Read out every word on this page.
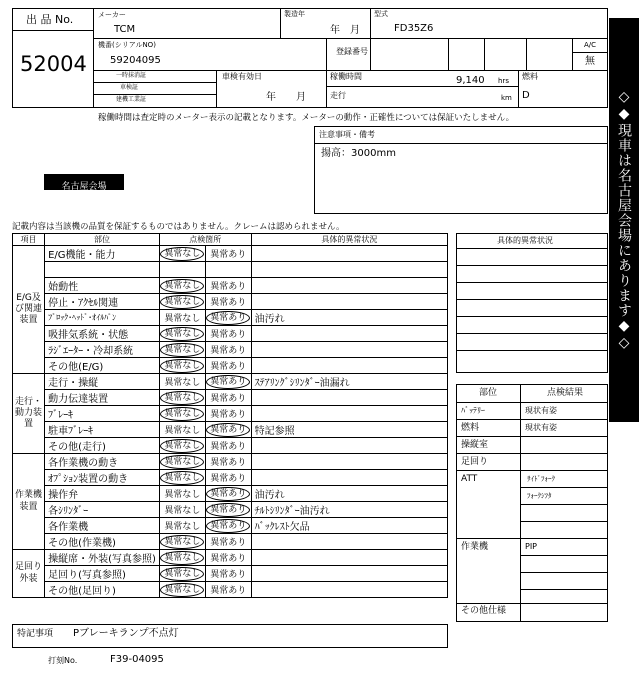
出 品 No.
52004
メーカー
TCM
製造年
年　月
型式
FD35Z6
機番(シリアルNO)
59204095
登録番号
A/C
無
一時抹消証
車検証
建機工業証
車検有効日
年　　月
稼働時間	9,140 hrs
走行	km
燃料
D
稼働時間は査定時のメーター表示の記載となります。メーターの動作・正確性については保証いたしません。
注意事項・備考
揚高：3000mm
名古屋会場
記載内容は当該機の品質を保証するものではありません。クレームは認められません。
項目	部位	点検箇所		具体的異常状況
E/G及び関連装置	E/G機能・能力	異常なし	異常あり	

	始動性	異常なし	異常あり	
	停止・ｱｸｾﾙ関連	異常なし	異常あり	
	ﾌﾞﾛｯｸ･ﾍｯﾄﾞ･ｵｲﾙﾊﾟﾝ	異常なし	異常あり	油汚れ
	吸排気系統・状態	異常なし	異常あり	
	ﾗｼﾞｴｰﾀｰ・冷却系統	異常なし	異常あり	
	その他(E/G)	異常なし	異常あり	
走行・動力装置	走行・操縦	異常なし	異常あり	ｽﾃｱﾘﾝｸﾞｼﾘﾝﾀﾞｰ油漏れ
	動力伝達装置	異常なし	異常あり	
	ﾌﾞﾚｰｷ	異常なし	異常あり	
	駐車ﾌﾞﾚｰｷ	異常なし	異常あり	特記参照
	その他(走行)	異常なし	異常あり	
作業機装置	各作業機の動き	異常なし	異常あり	
	ｵﾌﾟｼｮﾝ装置の動き	異常なし	異常あり	
	操作弁	異常なし	異常あり	油汚れ
	各ｼﾘﾝﾀﾞｰ	異常なし	異常あり	ﾁﾙﾄｼﾘﾝﾀﾞｰ油汚れ
	各作業機	異常なし	異常あり	ﾊﾞｯｸﾚｽﾄ欠品
	その他(作業機)	異常なし	異常あり	
足回り外装	操縦席・外装(写真参照)	異常なし	異常あり	
	足回り(写真参照)	異常なし	異常あり	
	その他(足回り)	異常なし	異常あり	
具体的異常状況
部位	点検結果
ﾊﾞｯﾃﾘｰ	現状有姿
燃料	現状有姿
操縦室
足回り
ATT	ｻｲﾄﾞﾌｫｰｸ
ﾌｫｰｸｼﾌﾀ
作業機	PIP
その他仕様
特記事項 Pブレーキランプ不点灯
打刻No.	F39-04095
◇◆現車は名古屋会場にあります◆◇
